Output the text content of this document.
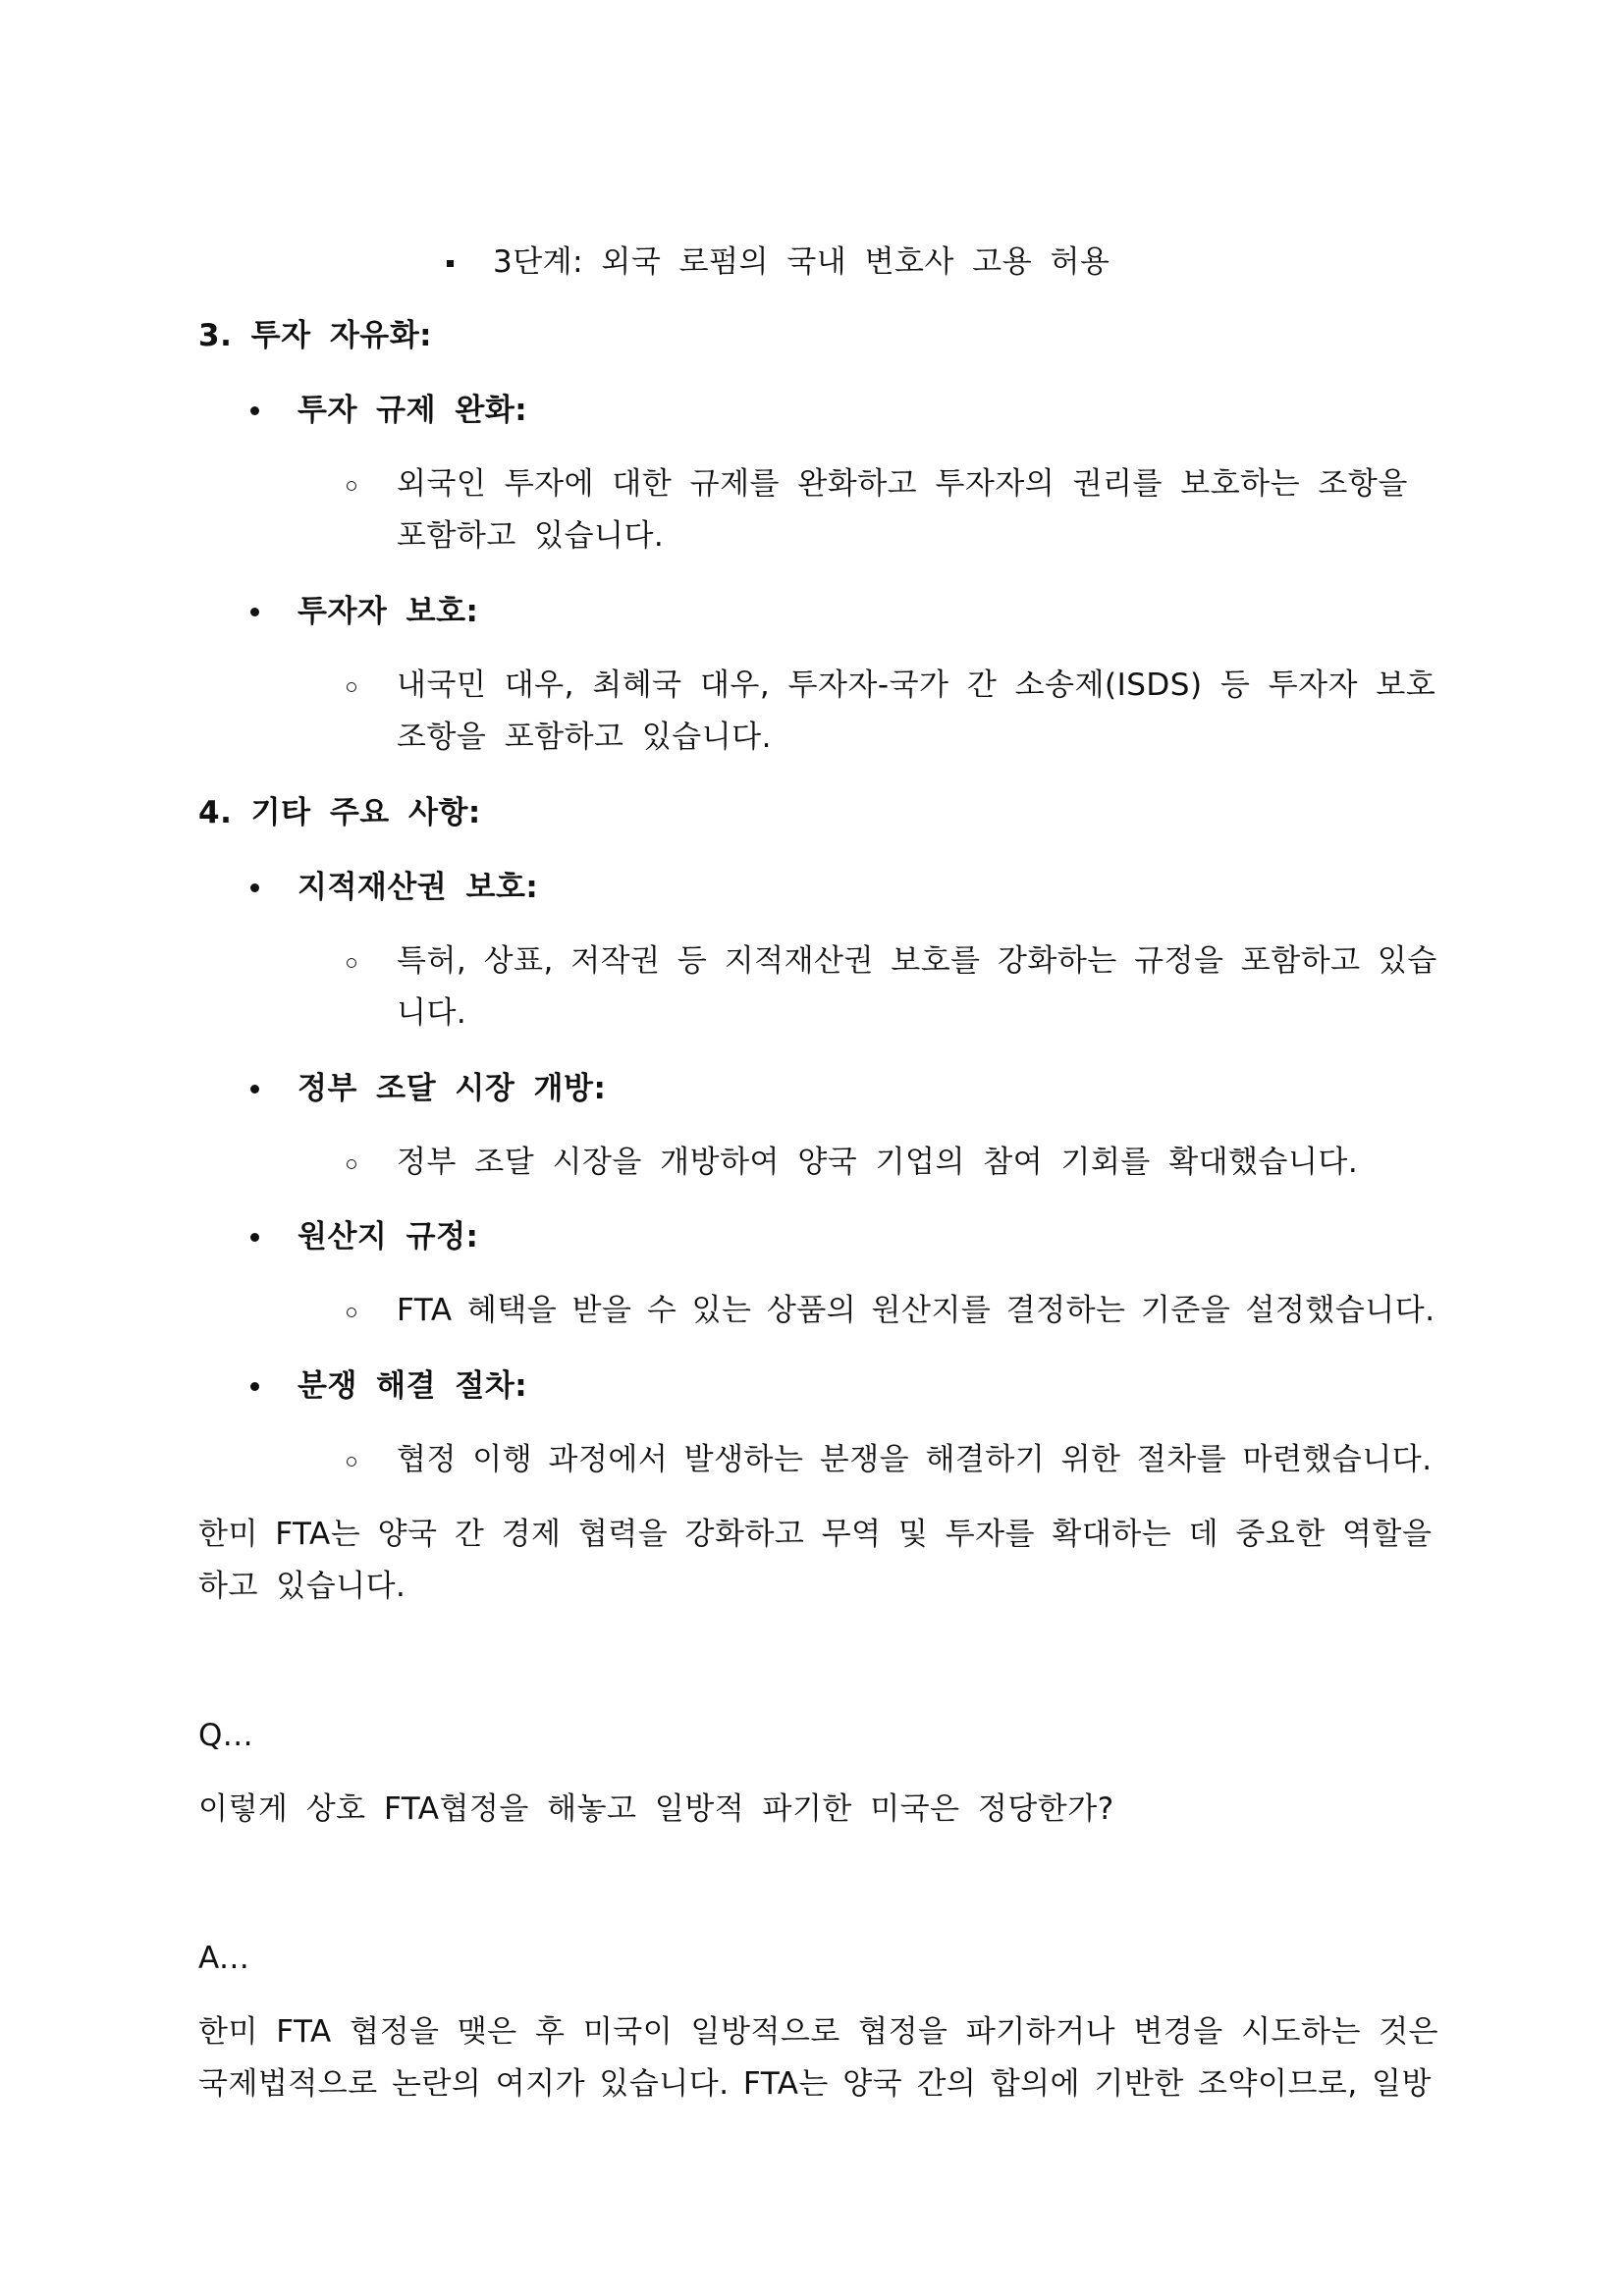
3단계: 외국 로펌의 국내 변호사 고용 허용
3. 투자 자유화:
투자 규제 완화:
외국인 투자에 대한 규제를 완화하고 투자자의 권리를 보호하는 조항을
포함하고 있습니다.
투자자 보호:
내국민 대우, 최혜국 대우, 투자자-국가 간 소송제(ISDS) 등 투자자 보호
조항을 포함하고 있습니다.
4. 기타 주요 사항:
지적재산권 보호:
특허, 상표, 저작권 등 지적재산권 보호를 강화하는 규정을 포함하고 있습
니다.
정부 조달 시장 개방:
정부 조달 시장을 개방하여 양국 기업의 참여 기회를 확대했습니다.
원산지 규정:
FTA 혜택을 받을 수 있는 상품의 원산지를 결정하는 기준을 설정했습니다.
분쟁 해결 절차:
협정 이행 과정에서 발생하는 분쟁을 해결하기 위한 절차를 마련했습니다.
한미 FTA는 양국 간 경제 협력을 강화하고 무역 및 투자를 확대하는 데 중요한 역할을
하고 있습니다.
Q...
이렇게 상호 FTA협정을 해놓고 일방적 파기한 미국은 정당한가?
A...
한미 FTA 협정을 맺은 후 미국이 일방적으로 협정을 파기하거나 변경을 시도하는 것은
국제법적으로 논란의 여지가 있습니다. FTA는 양국 간의 합의에 기반한 조약이므로, 일방
